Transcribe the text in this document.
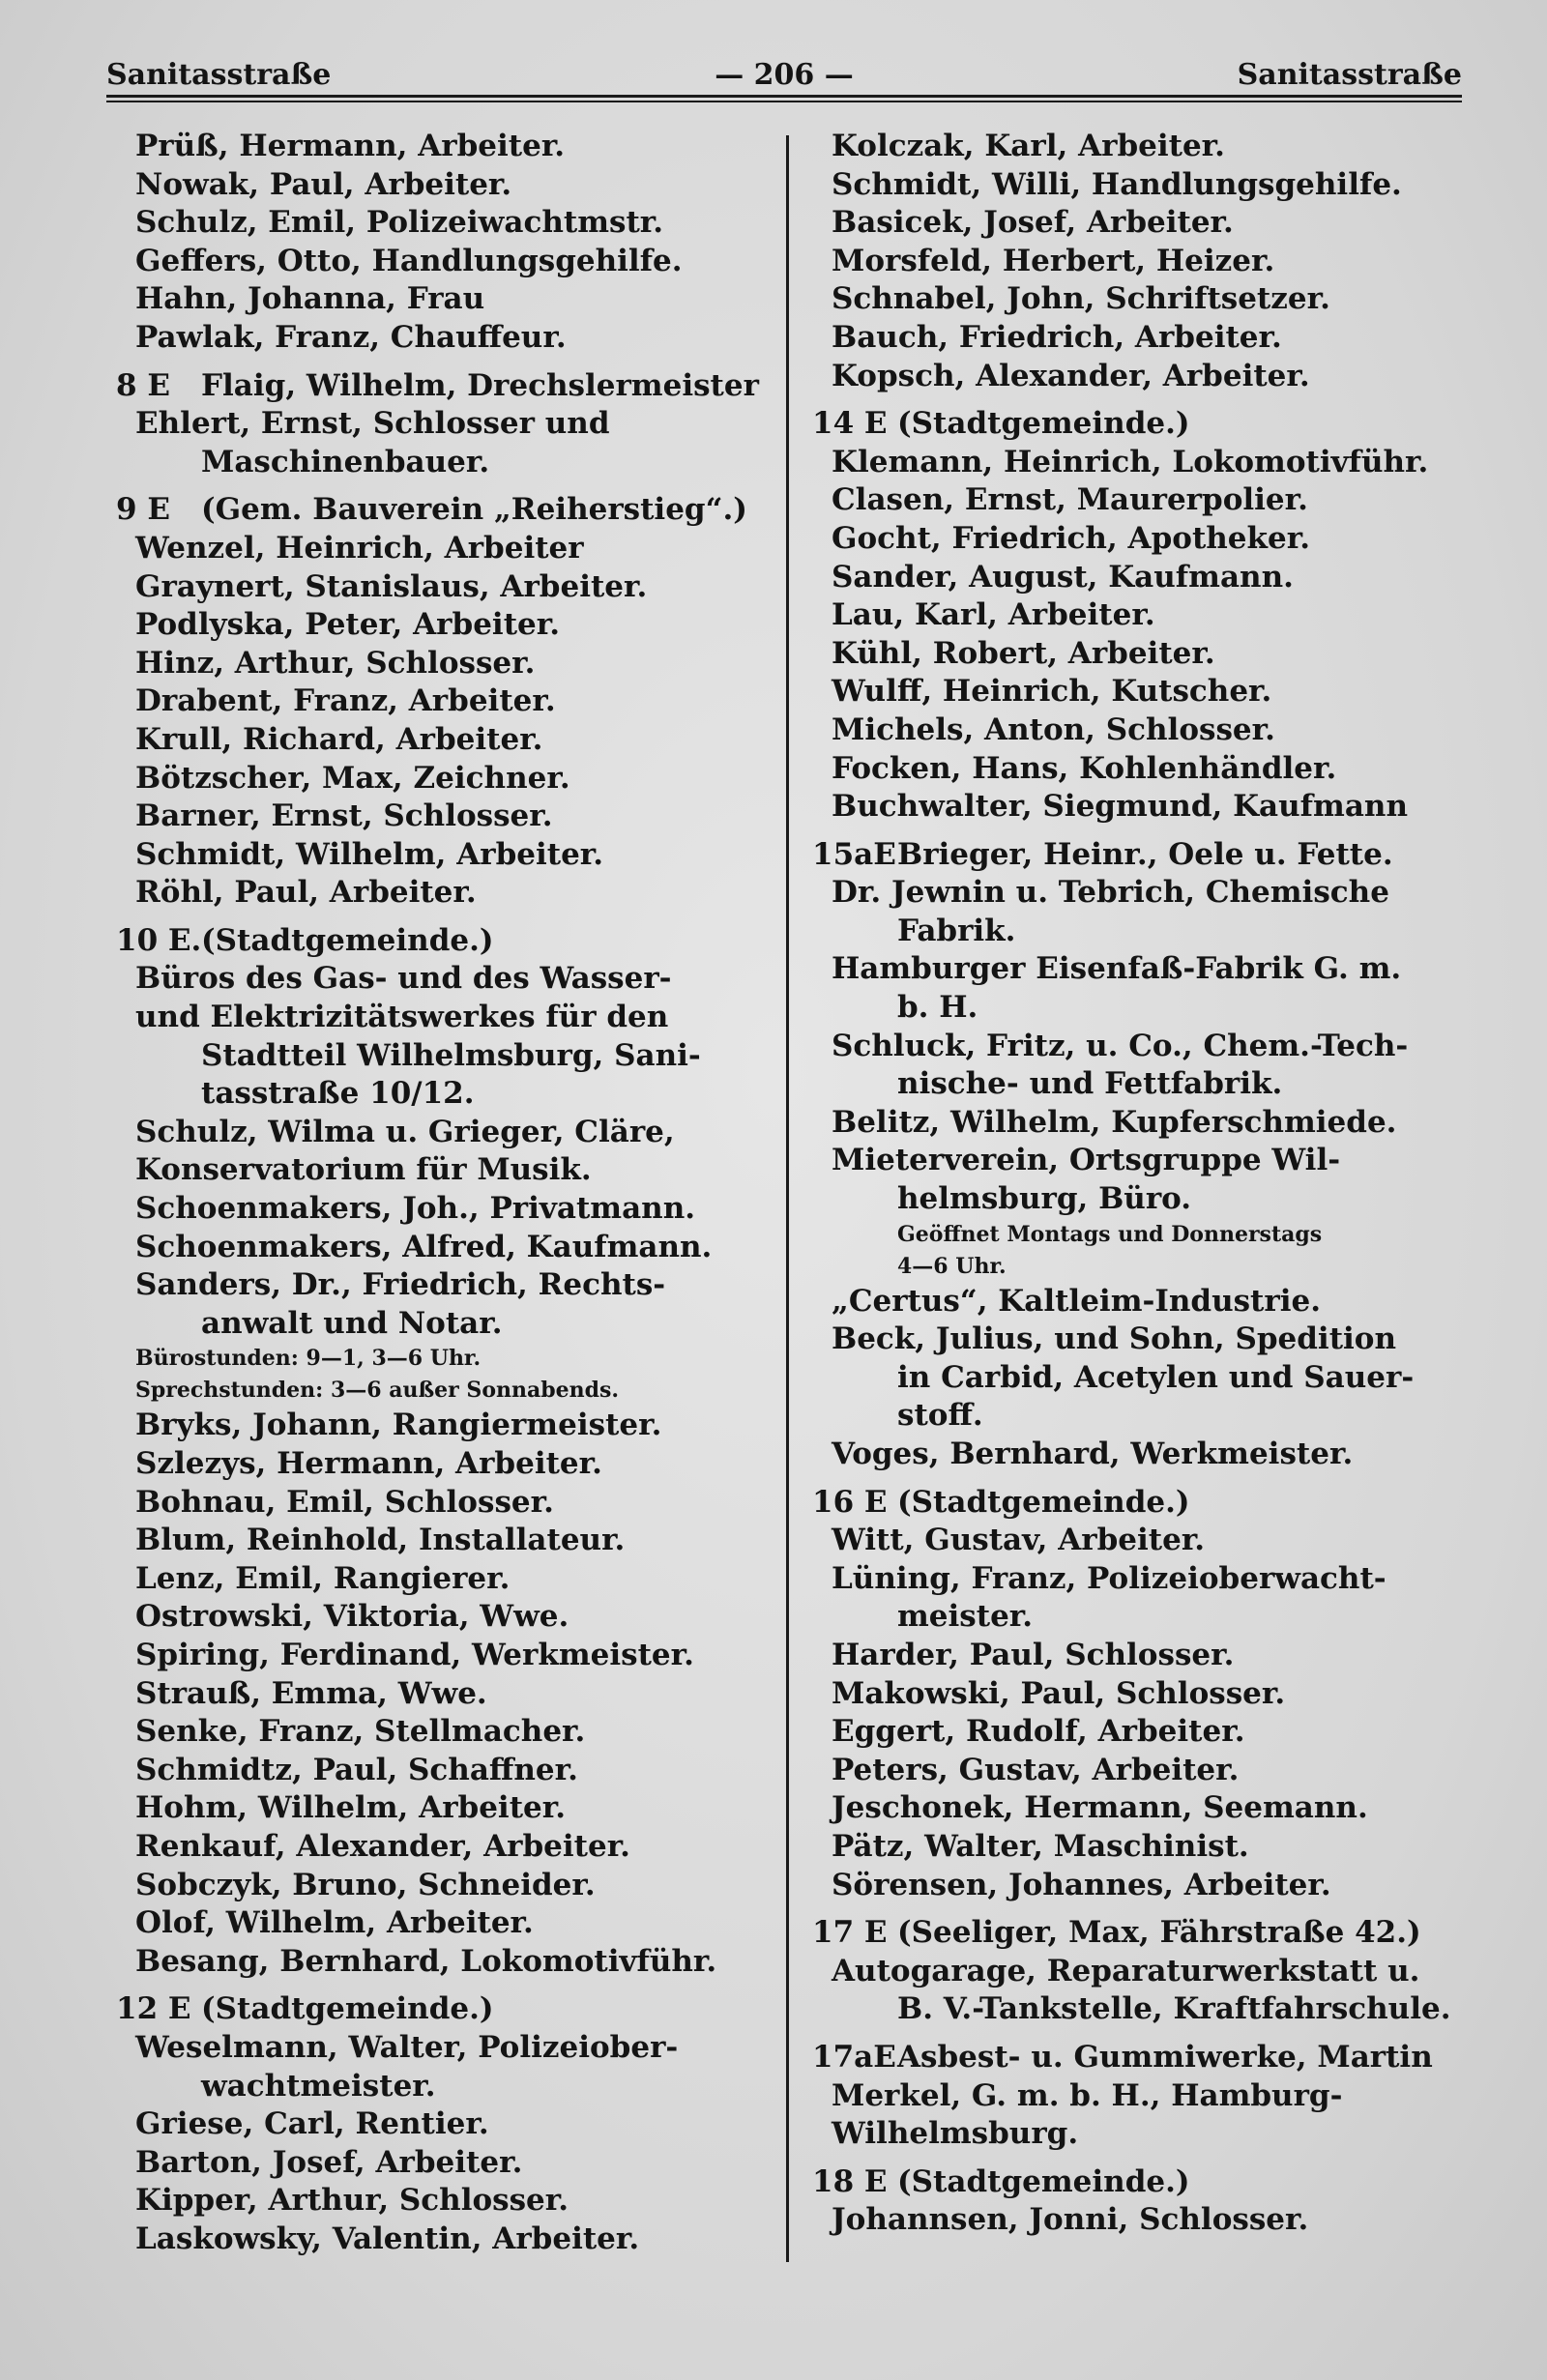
Sanitasstraße	— 206 —	Sanitasstraße
Prüß, Hermann, Arbeiter.
Nowak, Paul, Arbeiter.
Schulz, Emil, Polizeiwachtmstr.
Geffers, Otto, Handlungsgehilfe.
Hahn, Johanna, Frau
Pawlak, Franz, Chauffeur.
8 E Flaig, Wilhelm, Drechslermeister
Ehlert, Ernst, Schlosser und
Maschinenbauer.
9 E (Gem. Bauverein „Reiherstieg“.)
Wenzel, Heinrich, Arbeiter
Graynert, Stanislaus, Arbeiter.
Podlyska, Peter, Arbeiter.
Hinz, Arthur, Schlosser.
Drabent, Franz, Arbeiter.
Krull, Richard, Arbeiter.
Bötzscher, Max, Zeichner.
Barner, Ernst, Schlosser.
Schmidt, Wilhelm, Arbeiter.
Röhl, Paul, Arbeiter.
10 E. (Stadtgemeinde.)
Büros des Gas- und des Wasser-
und Elektrizitätswerkes für den
Stadtteil Wilhelmsburg, Sani-
tasstraße 10/12.
Schulz, Wilma u. Grieger, Cläre,
Konservatorium für Musik.
Schoenmakers, Joh., Privatmann.
Schoenmakers, Alfred, Kaufmann.
Sanders, Dr., Friedrich, Rechts-
anwalt und Notar.
Bürostunden: 9—1, 3—6 Uhr.
Sprechstunden: 3—6 außer Sonnabends.
Bryks, Johann, Rangiermeister.
Szlezys, Hermann, Arbeiter.
Bohnau, Emil, Schlosser.
Blum, Reinhold, Installateur.
Lenz, Emil, Rangierer.
Ostrowski, Viktoria, Wwe.
Spiring, Ferdinand, Werkmeister.
Strauß, Emma, Wwe.
Senke, Franz, Stellmacher.
Schmidtz, Paul, Schaffner.
Hohm, Wilhelm, Arbeiter.
Renkauf, Alexander, Arbeiter.
Sobczyk, Bruno, Schneider.
Olof, Wilhelm, Arbeiter.
Besang, Bernhard, Lokomotivführ.
12 E (Stadtgemeinde.)
Weselmann, Walter, Polizeiober-
wachtmeister.
Griese, Carl, Rentier.
Barton, Josef, Arbeiter.
Kipper, Arthur, Schlosser.
Laskowsky, Valentin, Arbeiter.
Kolczak, Karl, Arbeiter.
Schmidt, Willi, Handlungsgehilfe.
Basicek, Josef, Arbeiter.
Morsfeld, Herbert, Heizer.
Schnabel, John, Schriftsetzer.
Bauch, Friedrich, Arbeiter.
Kopsch, Alexander, Arbeiter.
14 E (Stadtgemeinde.)
Klemann, Heinrich, Lokomotivführ.
Clasen, Ernst, Maurerpolier.
Gocht, Friedrich, Apotheker.
Sander, August, Kaufmann.
Lau, Karl, Arbeiter.
Kühl, Robert, Arbeiter.
Wulff, Heinrich, Kutscher.
Michels, Anton, Schlosser.
Focken, Hans, Kohlenhändler.
Buchwalter, Siegmund, Kaufmann
15aE Brieger, Heinr., Oele u. Fette.
Dr. Jewnin u. Tebrich, Chemische
Fabrik.
Hamburger Eisenfaß-Fabrik G. m.
b. H.
Schluck, Fritz, u. Co., Chem.-Tech-
nische- und Fettfabrik.
Belitz, Wilhelm, Kupferschmiede.
Mieterverein, Ortsgruppe Wil-
helmsburg, Büro.
Geöffnet Montags und Donnerstags
4—6 Uhr.
„Certus“, Kaltleim-Industrie.
Beck, Julius, und Sohn, Spedition
in Carbid, Acetylen und Sauer-
stoff.
Voges, Bernhard, Werkmeister.
16 E (Stadtgemeinde.)
Witt, Gustav, Arbeiter.
Lüning, Franz, Polizeioberwacht-
meister.
Harder, Paul, Schlosser.
Makowski, Paul, Schlosser.
Eggert, Rudolf, Arbeiter.
Peters, Gustav, Arbeiter.
Jeschonek, Hermann, Seemann.
Pätz, Walter, Maschinist.
Sörensen, Johannes, Arbeiter.
17 E (Seeliger, Max, Fährstraße 42.)
Autogarage, Reparaturwerkstatt u.
B. V.-Tankstelle, Kraftfahrschule.
17aE Asbest- u. Gummiwerke, Martin
Merkel, G. m. b. H., Hamburg-
Wilhelmsburg.
18 E (Stadtgemeinde.)
Johannsen, Jonni, Schlosser.
